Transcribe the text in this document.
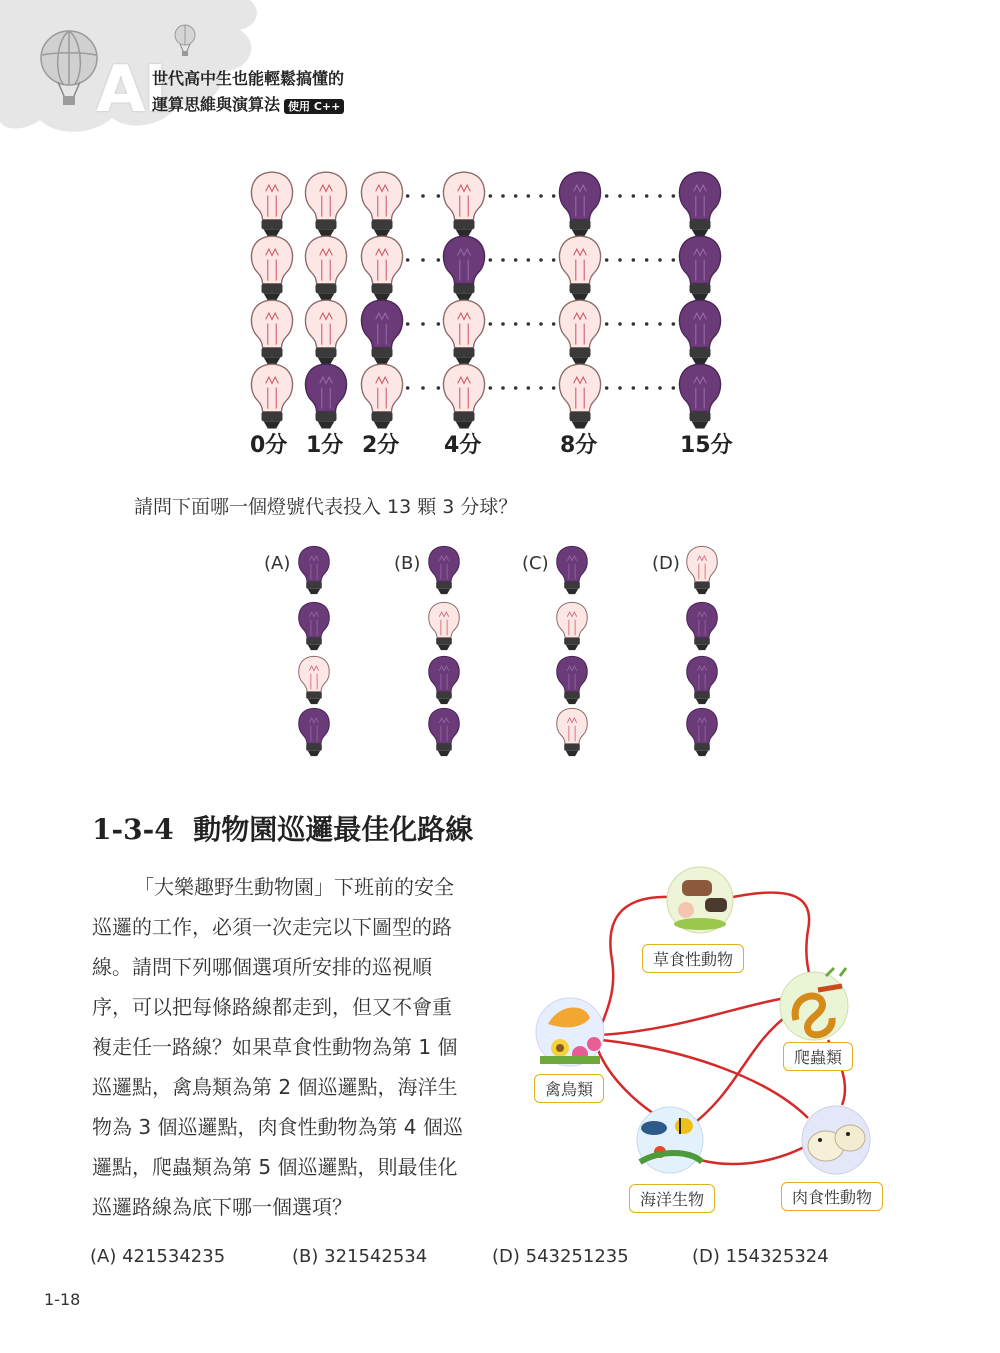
AI
世代高中生也能輕鬆搞懂的
運算思維與演算法 使用 C++
0分 1分 2分 4分	8分	15分
請問下面哪一個燈號代表投入 13 顆 3 分球？
(A)	(B)	(C)	(D)
1-3-4 動物園巡邏最佳化路線
「大樂趣野生動物園」下班前的安全
巡邏的工作，必須一次走完以下圖型的路
線。請問下列哪個選項所安排的巡視順
序，可以把每條路線都走到，但又不會重
複走任一路線？如果草食性動物為第 1 個
巡邏點，禽鳥類為第 2 個巡邏點，海洋生
物為 3 個巡邏點，肉食性動物為第 4 個巡
邏點，爬蟲類為第 5 個巡邏點，則最佳化
巡邏路線為底下哪一個選項？
草食性動物
禽鳥類
爬蟲類
海洋生物	肉食性動物
(A) 421534235	(B) 321542534	(D) 543251235	(D) 154325324
1-18
